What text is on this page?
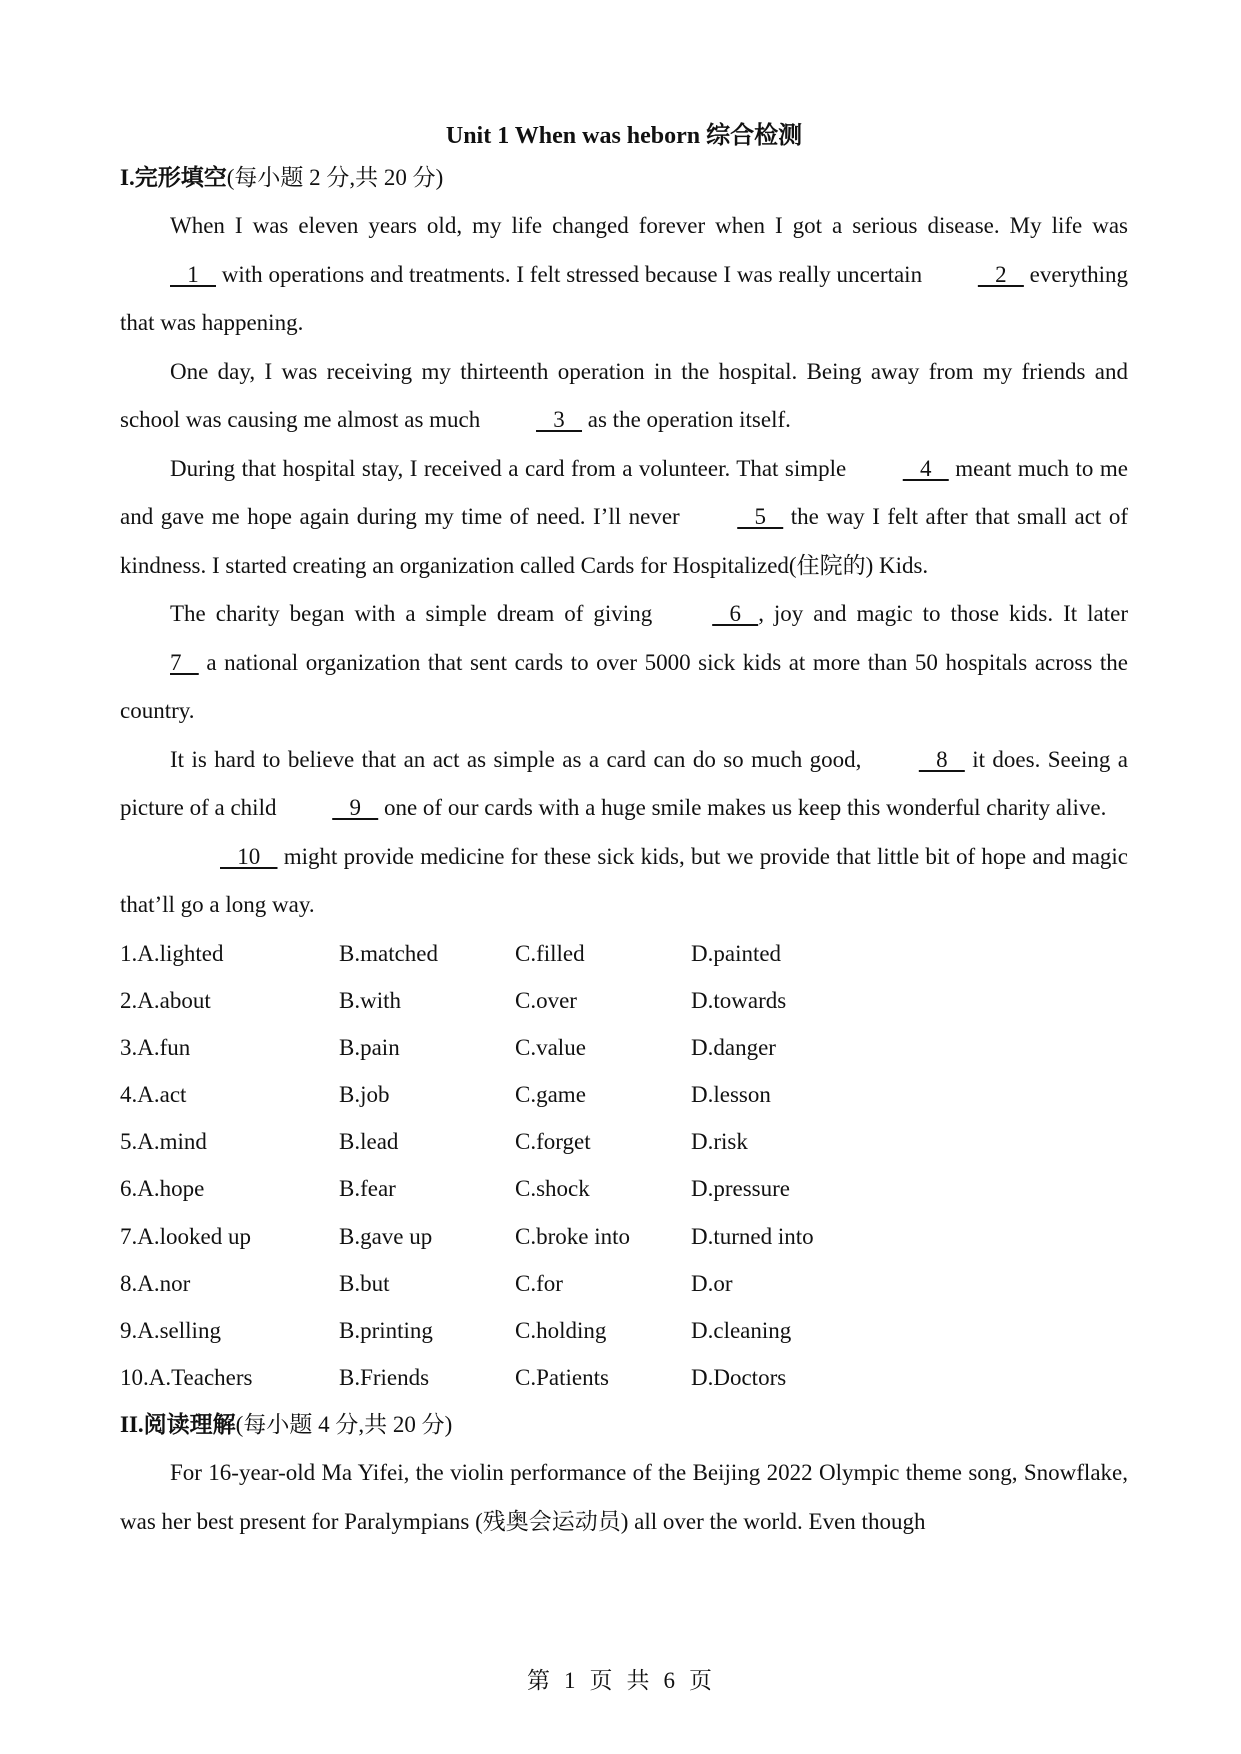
Unit 1 When was heborn 综合检测
I.完形填空(每小题 2 分,共 20 分)

When I was eleven years old, my life changed forever when I got a serious disease. My life was    1    with operations and treatments. I felt stressed because I was really uncertain    2    everything that was happening.

One day, I was receiving my thirteenth operation in the hospital. Being away from my friends and school was causing me almost as much    3    as the operation itself.

During that hospital stay, I received a card from a volunteer. That simple    4    meant much to me and gave me hope again during my time of need. I’ll never    5    the way I felt after that small act of kindness. I started creating an organization called Cards for Hospitalized(住院的) Kids.

The charity began with a simple dream of giving    6   , joy and magic to those kids. It later 7    a national organization that sent cards to over 5000 sick kids at more than 50 hospitals across the country.

It is hard to believe that an act as simple as a card can do so much good,    8    it does. Seeing a picture of a child    9    one of our cards with a huge smile makes us keep this wonderful charity alive.

10    might provide medicine for these sick kids, but we provide that little bit of hope and magic that’ll go a long way.

1.A.lighted	B.matched	C.filled	D.painted
2.A.about	B.with	C.over	D.towards
3.A.fun	B.pain	C.value	D.danger
4.A.act	B.job	C.game	D.lesson
5.A.mind	B.lead	C.forget	D.risk
6.A.hope	B.fear	C.shock	D.pressure
7.A.looked up	B.gave up	C.broke into	D.turned into
8.A.nor	B.but	C.for	D.or
9.A.selling	B.printing	C.holding	D.cleaning
10.A.Teachers	B.Friends	C.Patients	D.Doctors
II.阅读理解(每小题 4 分,共 20 分)

For 16-year-old Ma Yifei, the violin performance of the Beijing 2022 Olympic theme song, Snowflake, was her best present for Paralympians (残奥会运动员) all over the world. Even though

第 1 页 共 6 页
